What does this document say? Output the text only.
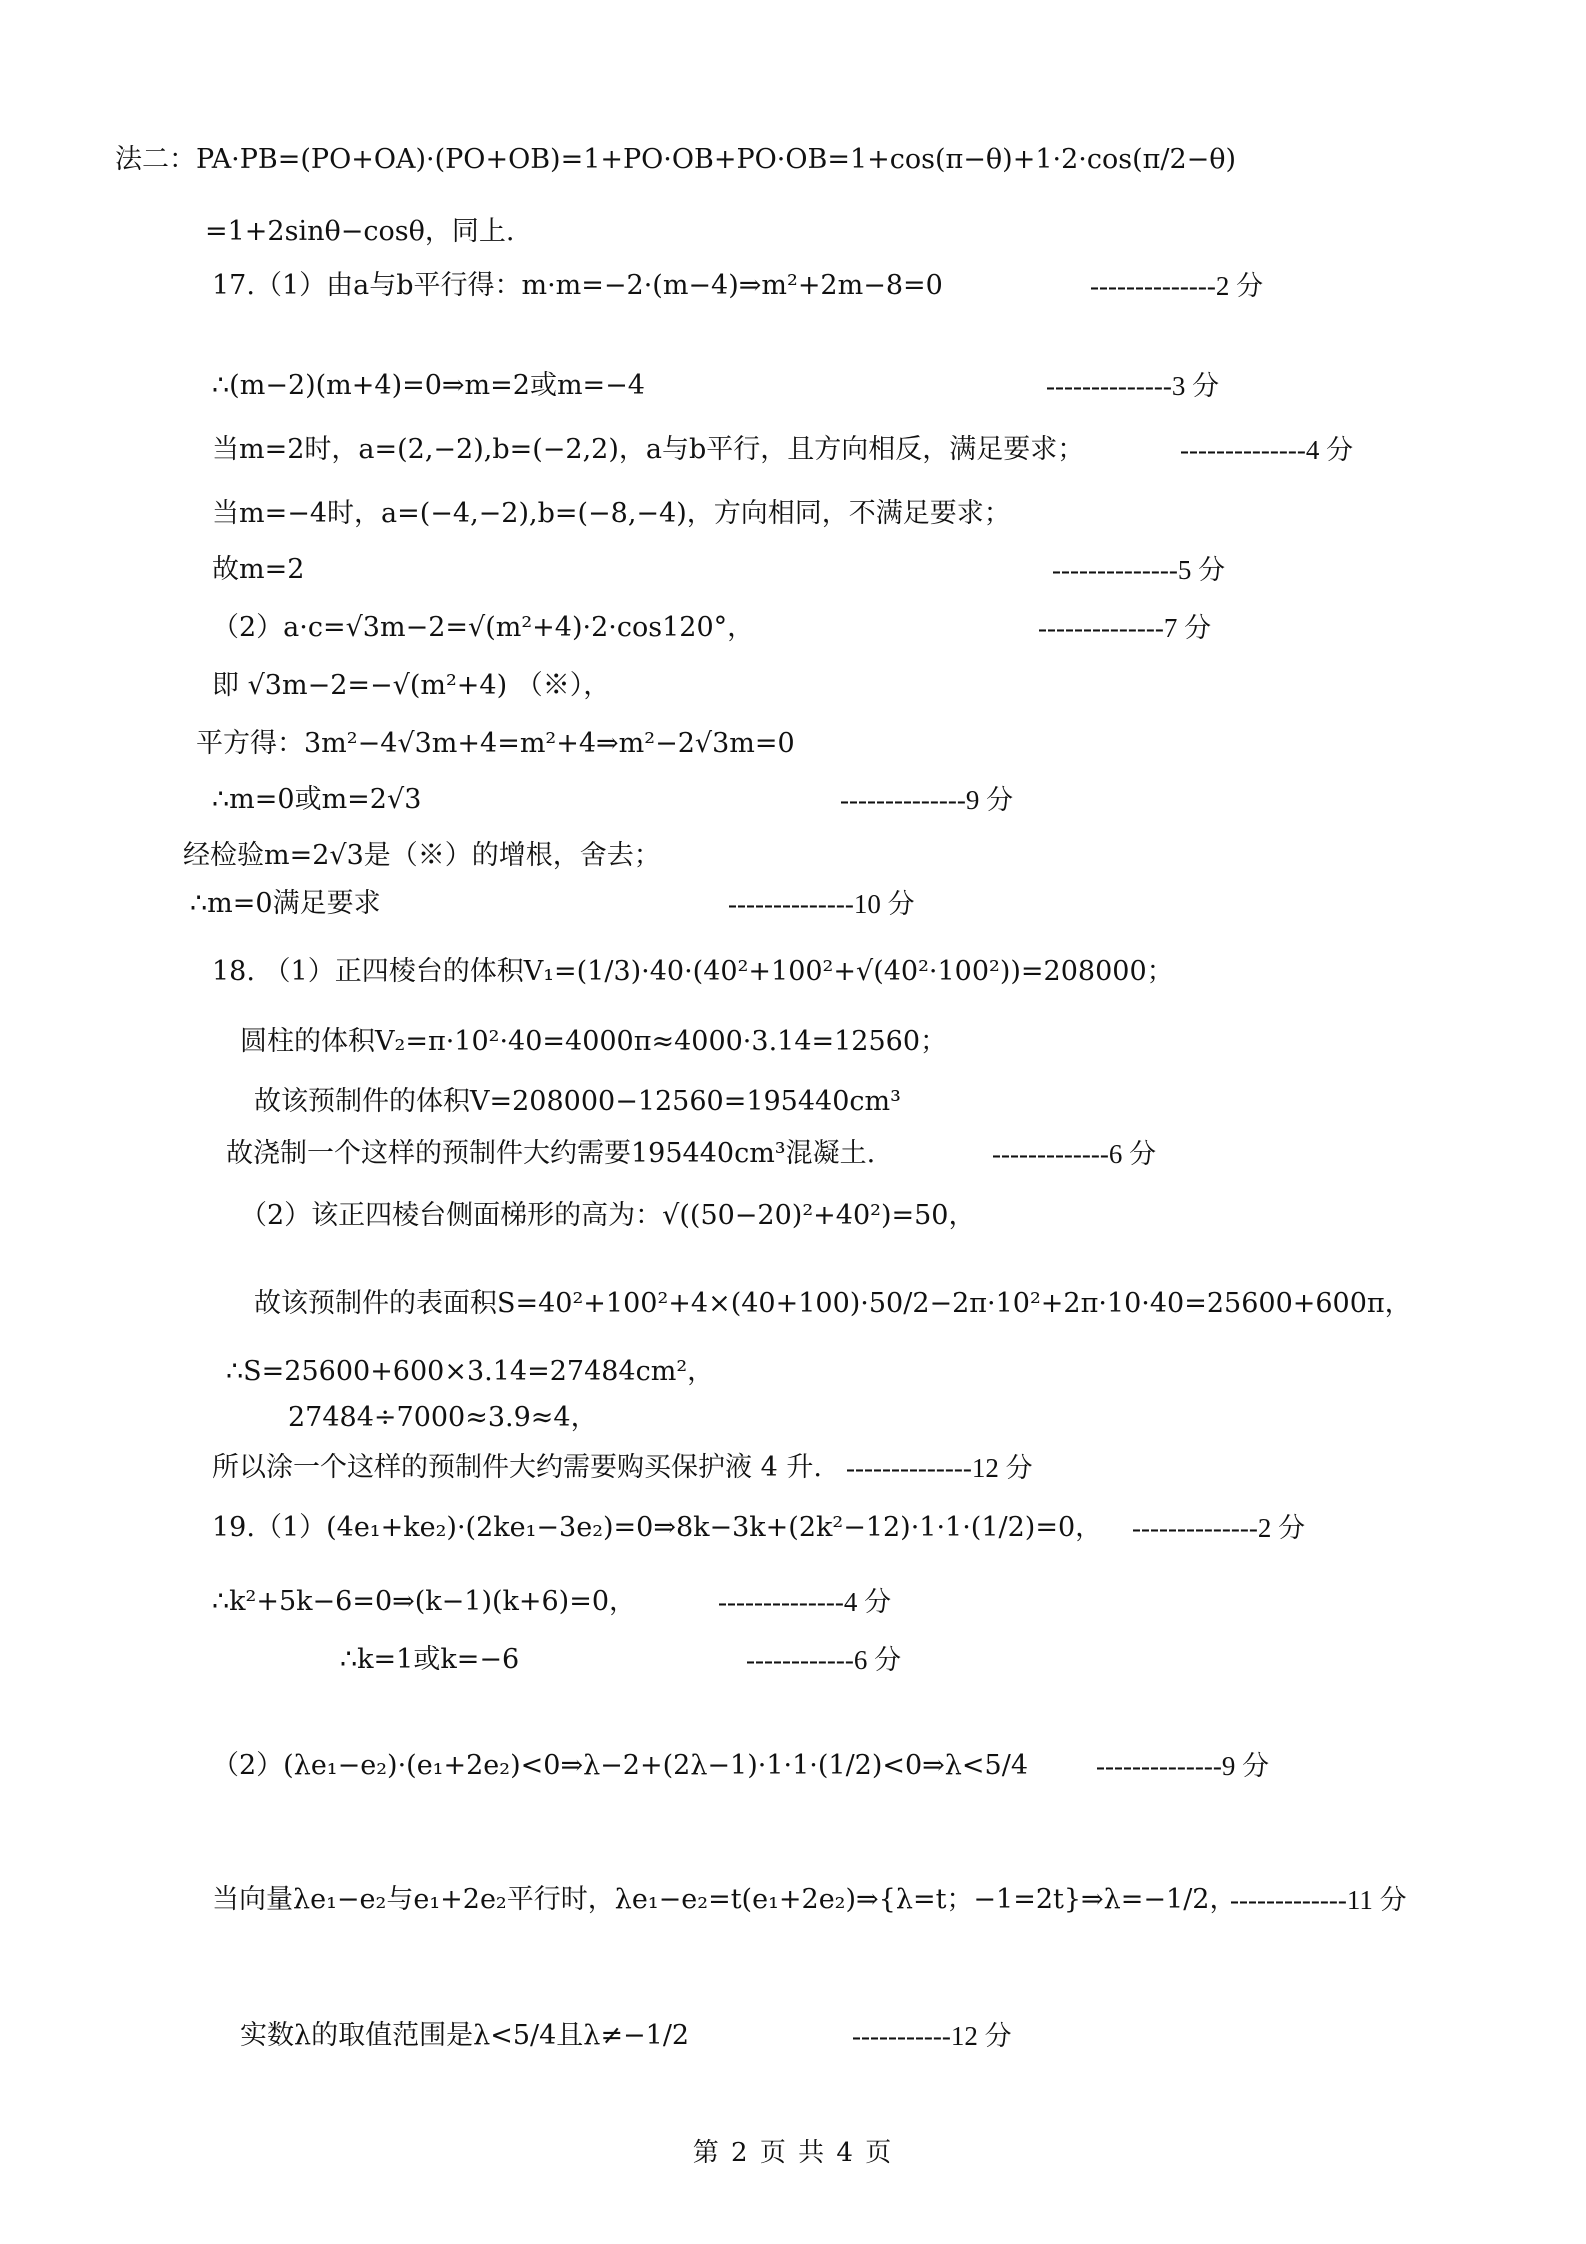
法二：PA·PB=(PO+OA)·(PO+OB)=1+PO·OB+PO·OB=1+cos(π−θ)+1·2·cos(π/2−θ)
=1+2sinθ−cosθ，同上.
17.（1）由a与b平行得：m·m=−2·(m−4)⇒m²+2m−8=0
∴(m−2)(m+4)=0⇒m=2或m=−4
当m=2时，a=(2,−2),b=(−2,2)，a与b平行，且方向相反，满足要求；
当m=−4时，a=(−4,−2),b=(−8,−4)，方向相同，不满足要求；
故m=2
（2）a·c=√3m−2=√(m²+4)·2·cos120°，
即 √3m−2=−√(m²+4) （※），
平方得：3m²−4√3m+4=m²+4⇒m²−2√3m=0
∴m=0或m=2√3
经检验m=2√3是（※）的增根，舍去；
∴m=0满足要求
18. （1）正四棱台的体积V₁=(1/3)·40·(40²+100²+√(40²·100²))=208000；
圆柱的体积V₂=π·10²·40=4000π≈4000·3.14=12560；
故该预制件的体积V=208000−12560=195440cm³
故浇制一个这样的预制件大约需要195440cm³混凝土.
（2）该正四棱台侧面梯形的高为：√((50−20)²+40²)=50，
故该预制件的表面积S=40²+100²+4×(40+100)·50/2−2π·10²+2π·10·40=25600+600π，
∴S=25600+600×3.14=27484cm²，
27484÷7000≈3.9≈4，
所以涂一个这样的预制件大约需要购买保护液 4 升.
19.（1）(4e₁+ke₂)·(2ke₁−3e₂)=0⇒8k−3k+(2k²−12)·1·1·(1/2)=0，
∴k²+5k−6=0⇒(k−1)(k+6)=0，
∴k=1或k=−6
（2）(λe₁−e₂)·(e₁+2e₂)<0⇒λ−2+(2λ−1)·1·1·(1/2)<0⇒λ<5/4
当向量λe₁−e₂与e₁+2e₂平行时，λe₁−e₂=t(e₁+2e₂)⇒{λ=t；−1=2t}⇒λ=−1/2，
实数λ的取值范围是λ<5/4且λ≠−1/2
--------------2 分
--------------3 分
--------------4 分
--------------5 分
--------------7 分
--------------9 分
--------------10 分
-------------6 分
--------------12 分
--------------2 分
--------------4 分
------------6 分
--------------9 分
-------------11 分
-----------12 分
第 2 页 共 4 页
